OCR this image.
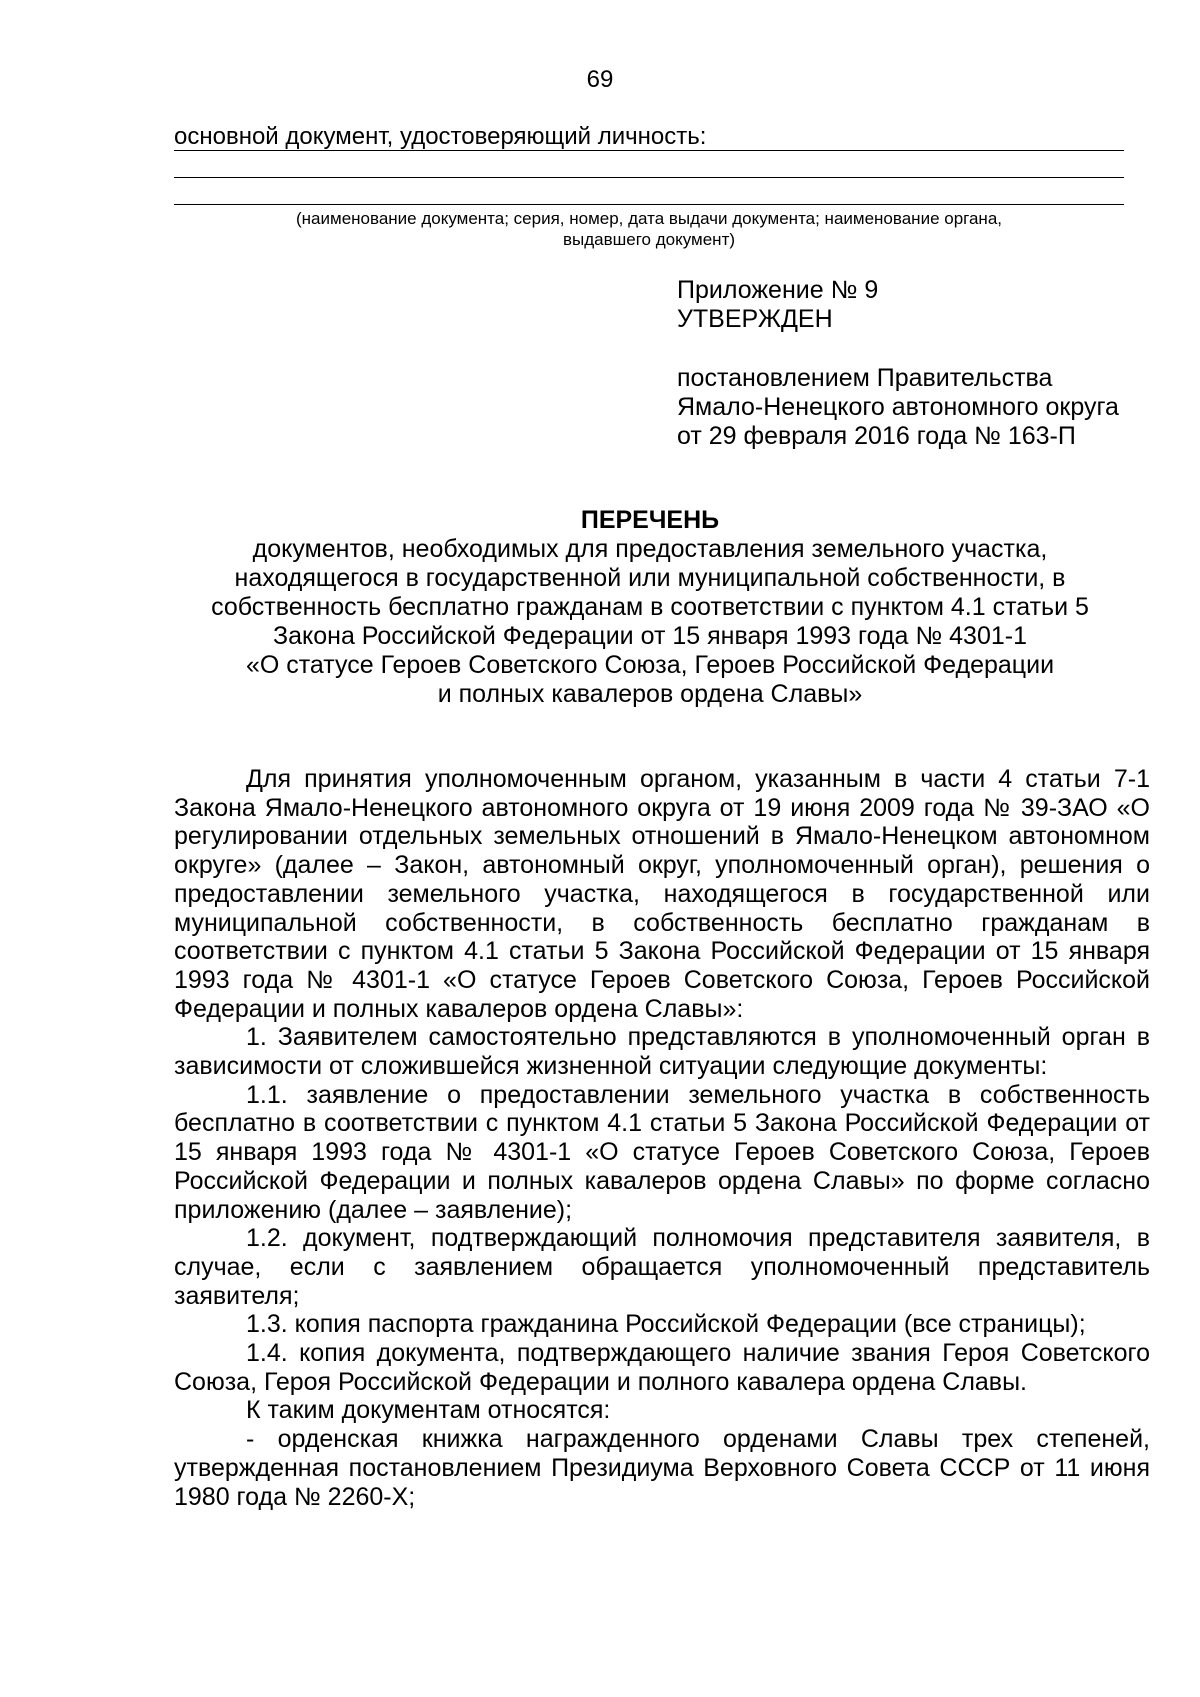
69
основной документ, удостоверяющий личность:
(наименование документа; серия, номер, дата выдачи документа; наименование органа,
выдавшего документ)
Приложение № 9
УТВЕРЖДЕН
постановлением Правительства
Ямало-Ненецкого автономного округа
от 29 февраля 2016 года № 163-П
ПЕРЕЧЕНЬ
документов, необходимых для предоставления земельного участка,
находящегося в государственной или муниципальной собственности, в
собственность бесплатно гражданам в соответствии с пунктом 4.1 статьи 5
Закона Российской Федерации от 15 января 1993 года № 4301-1
«О статусе Героев Советского Союза, Героев Российской Федерации
и полных кавалеров ордена Славы»

Для принятия уполномоченным органом, указанным в части 4 статьи 7-1 Закона Ямало-Ненецкого автономного округа от 19 июня 2009 года № 39-ЗАО «О регулировании отдельных земельных отношений в Ямало-Ненецком автономном округе» (далее – Закон, автономный округ, уполномоченный орган), решения о предоставлении земельного участка, находящегося в государственной или муниципальной собственности, в собственность бесплатно гражданам в соответствии с пунктом 4.1 статьи 5 Закона Российской Федерации от 15 января 1993 года № 4301-1 «О статусе Героев Советского Союза, Героев Российской Федерации и полных кавалеров ордена Славы»:

1. Заявителем самостоятельно представляются в уполномоченный орган в зависимости от сложившейся жизненной ситуации следующие документы:

1.1. заявление о предоставлении земельного участка в собственность бесплатно в соответствии с пунктом 4.1 статьи 5 Закона Российской Федерации от 15 января 1993 года № 4301-1 «О статусе Героев Советского Союза, Героев Российской Федерации и полных кавалеров ордена Славы» по форме согласно приложению (далее – заявление);

1.2. документ, подтверждающий полномочия представителя заявителя, в случае, если с заявлением обращается уполномоченный представитель заявителя;

1.3. копия паспорта гражданина Российской Федерации (все страницы);

1.4. копия документа, подтверждающего наличие звания Героя Советского Союза, Героя Российской Федерации и полного кавалера ордена Славы.

К таким документам относятся:

- орденская книжка награжденного орденами Славы трех степеней, утвержденная постановлением Президиума Верховного Совета СССР от 11 июня 1980 года № 2260-Х;
